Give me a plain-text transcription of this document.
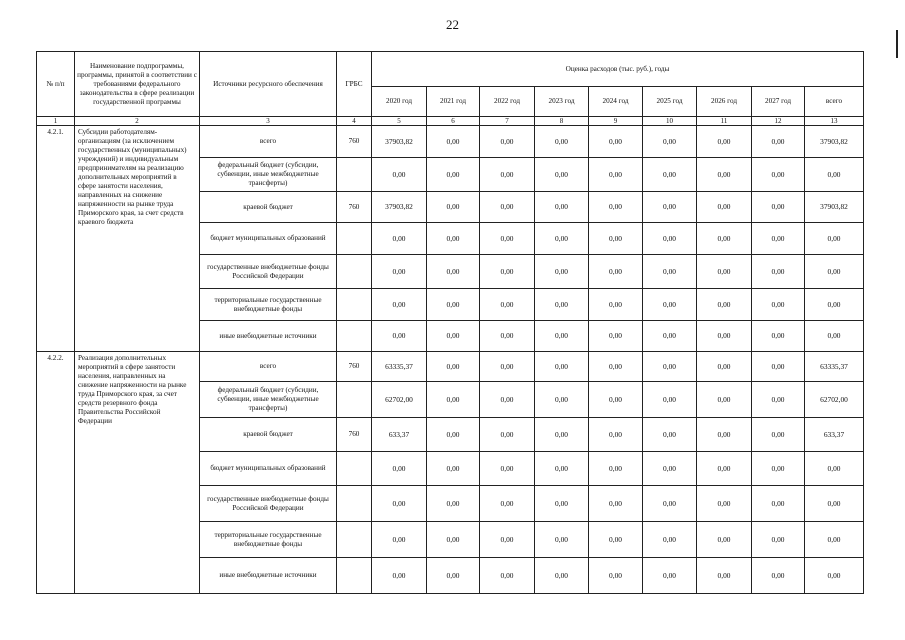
22
№ п/п	Наименование подпрограммы, программы, принятой в соответствии с требованиями федерального законодательства в сфере реализации государственной программы	Источники ресурсного обеспечения	ГРБС	Оценка расходов (тыс. руб.), годы								
				2020 год	2021 год	2022 год	2023 год	2024 год	2025 год	2026 год	2027 год	всего
1	2	3	4	5	6	7	8	9	10	11	12	13
4.2.1.	Субсидии работодателям-организациям (за исключением государственных (муниципальных) учреждений) и индивидуальным предпринимателям на реализацию дополнительных мероприятий в сфере занятости населения, направленных на снижение напряженности на рынке труда Приморского края, за счет средств краевого бюджета	всего	760	37903,82	0,00	0,00	0,00	0,00	0,00	0,00	0,00	37903,82
		федеральный бюджет (субсидии, субвенции, иные межбюджетные трансферты)		0,00	0,00	0,00	0,00	0,00	0,00	0,00	0,00	0,00
		краевой бюджет	760	37903,82	0,00	0,00	0,00	0,00	0,00	0,00	0,00	37903,82
		бюджет муниципальных образований		0,00	0,00	0,00	0,00	0,00	0,00	0,00	0,00	0,00
		государственные внебюджетные фонды Российской Федерации		0,00	0,00	0,00	0,00	0,00	0,00	0,00	0,00	0,00
		территориальные государственные внебюджетные фонды		0,00	0,00	0,00	0,00	0,00	0,00	0,00	0,00	0,00
		иные внебюджетные источники		0,00	0,00	0,00	0,00	0,00	0,00	0,00	0,00	0,00
4.2.2.	Реализация дополнительных мероприятий в сфере занятости населения, направленных на снижение напряженности на рынке труда Приморского края, за счет средств резервного фонда Правительства Российской Федерации	всего	760	63335,37	0,00	0,00	0,00	0,00	0,00	0,00	0,00	63335,37
		федеральный бюджет (субсидии, субвенции, иные межбюджетные трансферты)		62702,00	0,00	0,00	0,00	0,00	0,00	0,00	0,00	62702,00
		краевой бюджет	760	633,37	0,00	0,00	0,00	0,00	0,00	0,00	0,00	633,37
		бюджет муниципальных образований		0,00	0,00	0,00	0,00	0,00	0,00	0,00	0,00	0,00
		государственные внебюджетные фонды Российской Федерации		0,00	0,00	0,00	0,00	0,00	0,00	0,00	0,00	0,00
		территориальные государственные внебюджетные фонды		0,00	0,00	0,00	0,00	0,00	0,00	0,00	0,00	0,00
		иные внебюджетные источники		0,00	0,00	0,00	0,00	0,00	0,00	0,00	0,00	0,00
